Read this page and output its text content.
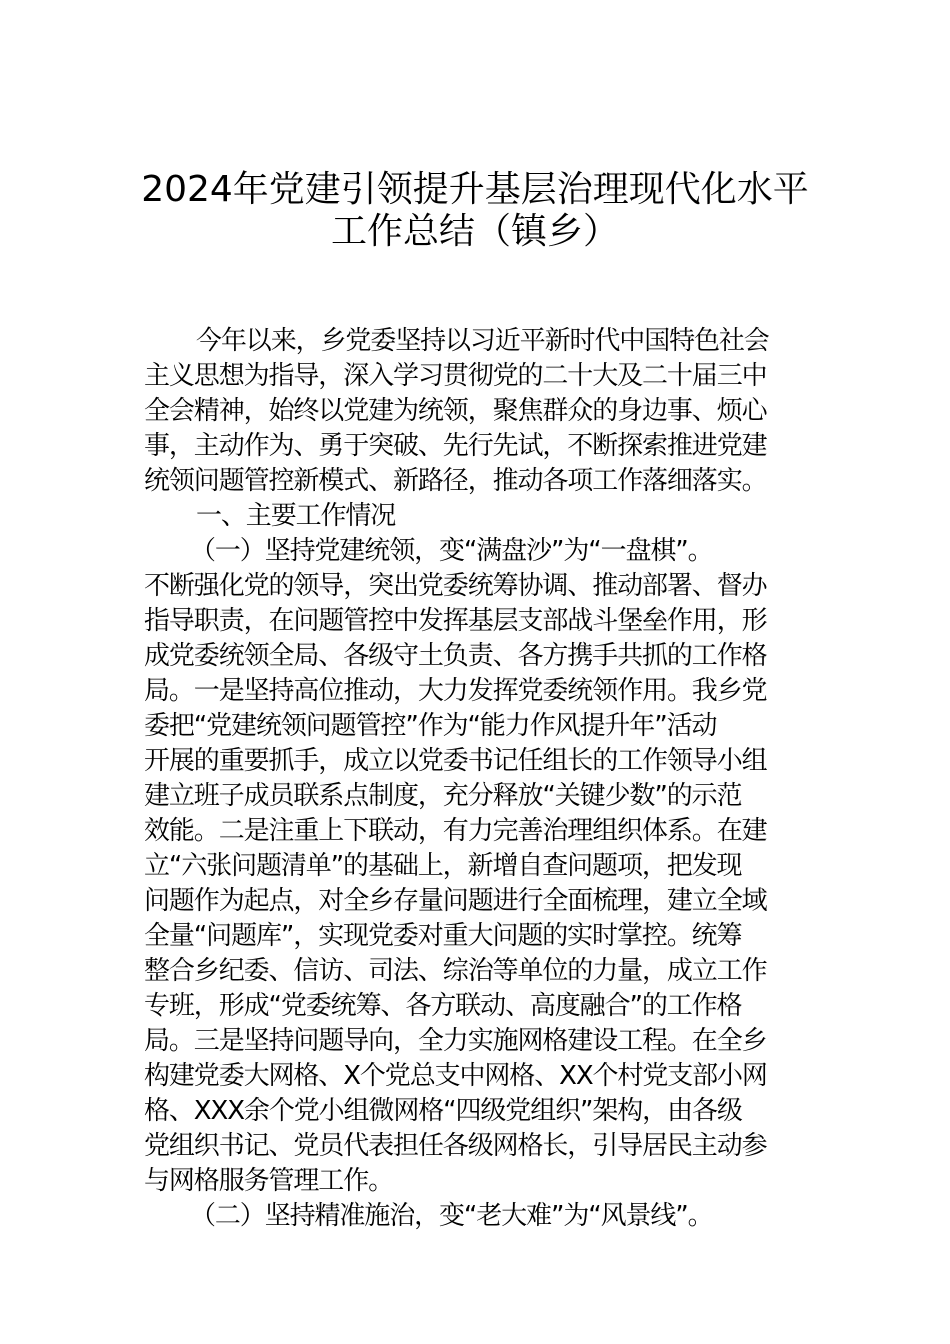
2024年党建引领提升基层治理现代化水平
工作总结（镇乡）

今年以来，乡党委坚持以习近平新时代中国特色社会

主义思想为指导，深入学习贯彻党的二十大及二十届三中

全会精神，始终以党建为统领，聚焦群众的身边事、烦心

事，主动作为、勇于突破、先行先试，不断探索推进党建

统领问题管控新模式、新路径，推动各项工作落细落实。

一、主要工作情况

（一）坚持党建统领，变“满盘沙”为“一盘棋”。

不断强化党的领导，突出党委统筹协调、推动部署、督办

指导职责，在问题管控中发挥基层支部战斗堡垒作用，形

成党委统领全局、各级守土负责、各方携手共抓的工作格

局。一是坚持高位推动，大力发挥党委统领作用。我乡党

委把“党建统领问题管控”作为“能力作风提升年”活动

开展的重要抓手，成立以党委书记任组长的工作领导小组

建立班子成员联系点制度，充分释放“关键少数”的示范

效能。二是注重上下联动，有力完善治理组织体系。在建

立“六张问题清单”的基础上，新增自查问题项，把发现

问题作为起点，对全乡存量问题进行全面梳理，建立全域

全量“问题库”，实现党委对重大问题的实时掌控。统筹

整合乡纪委、信访、司法、综治等单位的力量，成立工作

专班，形成“党委统筹、各方联动、高度融合”的工作格

局。三是坚持问题导向，全力实施网格建设工程。在全乡

构建党委大网格、X个党总支中网格、XX个村党支部小网

格、XXX余个党小组微网格“四级党组织”架构，由各级

党组织书记、党员代表担任各级网格长，引导居民主动参

与网格服务管理工作。

（二）坚持精准施治，变“老大难”为“风景线”。
